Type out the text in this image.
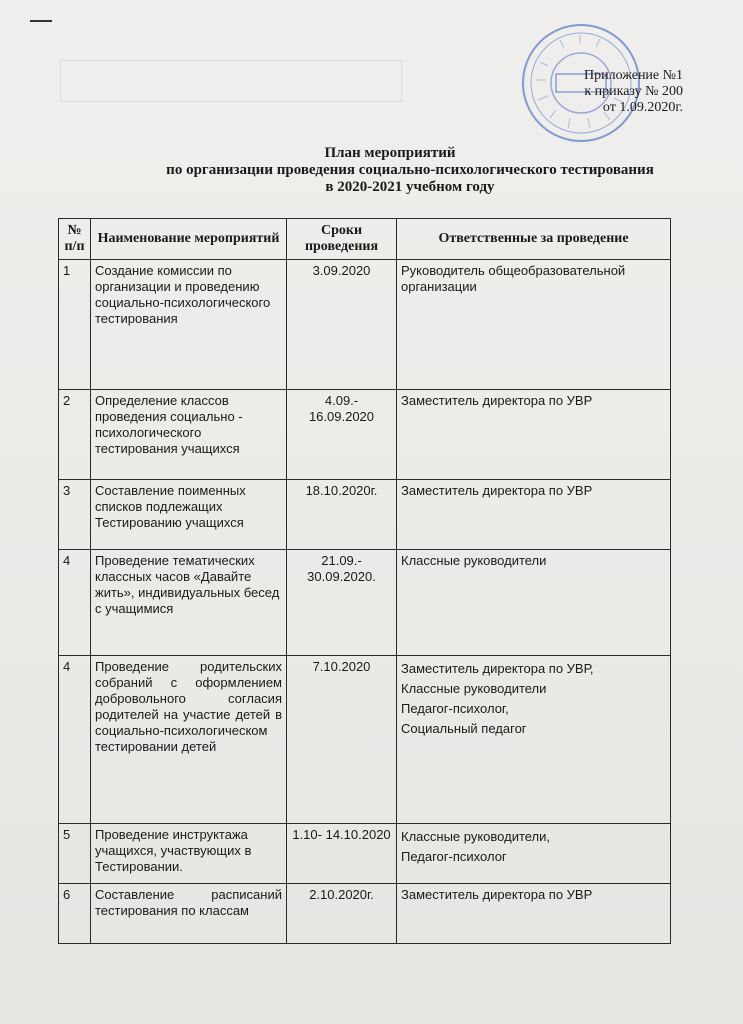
Приложение №1
к приказу № 200
от 1.09.2020г.
План мероприятий
по организации проведения социально-психологического тестирования
в 2020-2021 учебном году
№ п/п	Наименование мероприятий	Сроки проведения	Ответственные за проведение
1	Создание комиссии по организации и проведению социально-психологического тестирования	3.09.2020	Руководитель общеобразовательной организации

2	Определение классов проведения социально - психологического тестирования учащихся	4.09.- 16.09.2020	Заместитель директора по УВР

3	Составление поименных списков подлежащих Тестированию учащихся	18.10.2020г.	Заместитель директора по УВР

4	Проведение тематических классных часов «Давайте жить», индивидуальных бесед с учащимися	21.09.- 30.09.2020.	Классные руководители

4	Проведение родительских собраний с оформлением добровольного согласия родителей на участие детей в социально-психологическом тестировании детей	7.10.2020	Заместитель директора по УВР,
Классные руководители
Педагог-психолог,
Социальный педагог

5	Проведение инструктажа учащихся, участвующих в Тестировании.	1.10- 14.10.2020	Классные руководители,
Педагог-психолог

6	Составление расписаний тестирования по классам	2.10.2020г.	Заместитель директора по УВР
